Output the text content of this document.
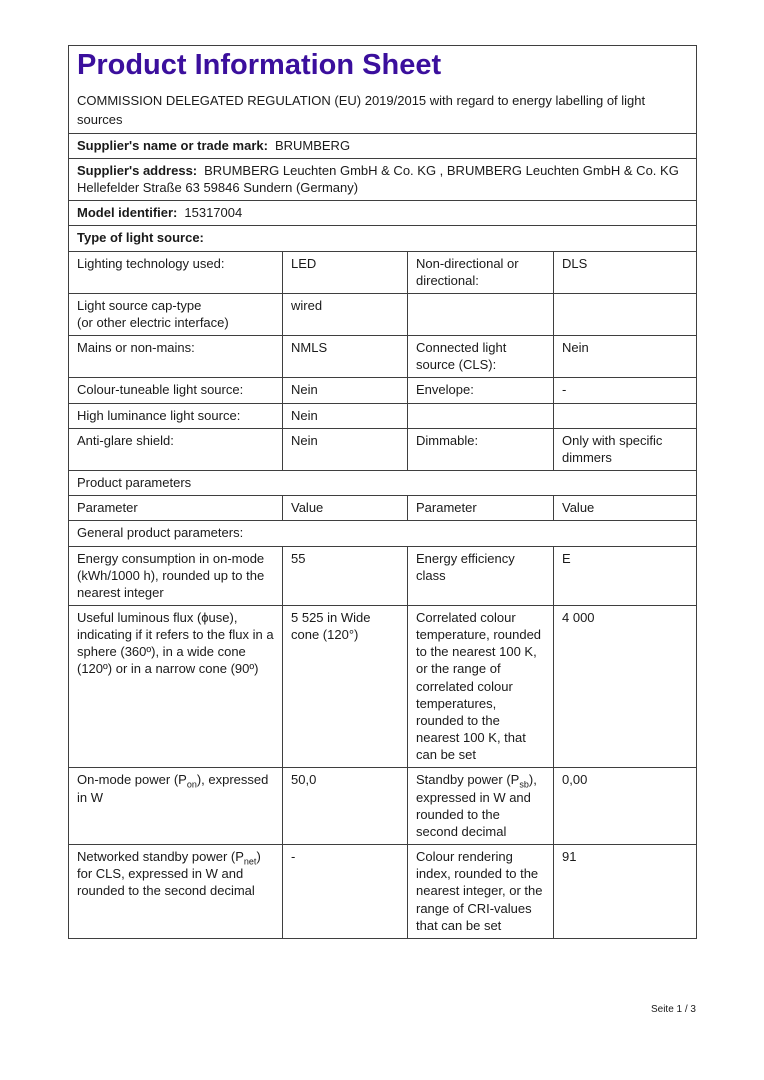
Product Information Sheet

COMMISSION DELEGATED REGULATION (EU) 2019/2015 with regard to energy labelling of light sources

Supplier's name or trade mark: BRUMBERG			
Supplier's address: BRUMBERG Leuchten GmbH & Co. KG , BRUMBERG Leuchten GmbH & Co. KG Hellefelder Straße 63 59846 Sundern (Germany)			
Model identifier: 15317004			
Type of light source:			
Lighting technology used:	LED	Non-directional or directional:	DLS
Light source cap-type
(or other electric interface)	wired		
Mains or non-mains:	NMLS	Connected light source (CLS):	Nein
Colour-tuneable light source:	Nein	Envelope:	-
High luminance light source:	Nein		
Anti-glare shield:	Nein	Dimmable:	Only with specific dimmers
Product parameters			
Parameter	Value	Parameter	Value
General product parameters:			
Energy consumption in on-mode (kWh/1000 h), rounded up to the nearest integer	55	Energy efficiency class	E
Useful luminous flux (ϕuse), indicating if it refers to the flux in a sphere (360º), in a wide cone (120º) or in a narrow cone (90º)	5 525 in Wide
cone (120°)	Correlated colour temperature, rounded to the nearest 100 K, or the range of correlated colour temperatures, rounded to the nearest 100 K, that can be set	4 000
On-mode power $(P_{on})$, expressed in W	50,0	Standby power $(P_{sb})$, expressed in W and rounded to the second decimal	0,00
Networked standby power $(P_{net})$ for CLS, expressed in W and rounded to the second decimal	-	Colour rendering index, rounded to the nearest integer, or the range of CRI-values that can be set	91
Seite 1 / 3
